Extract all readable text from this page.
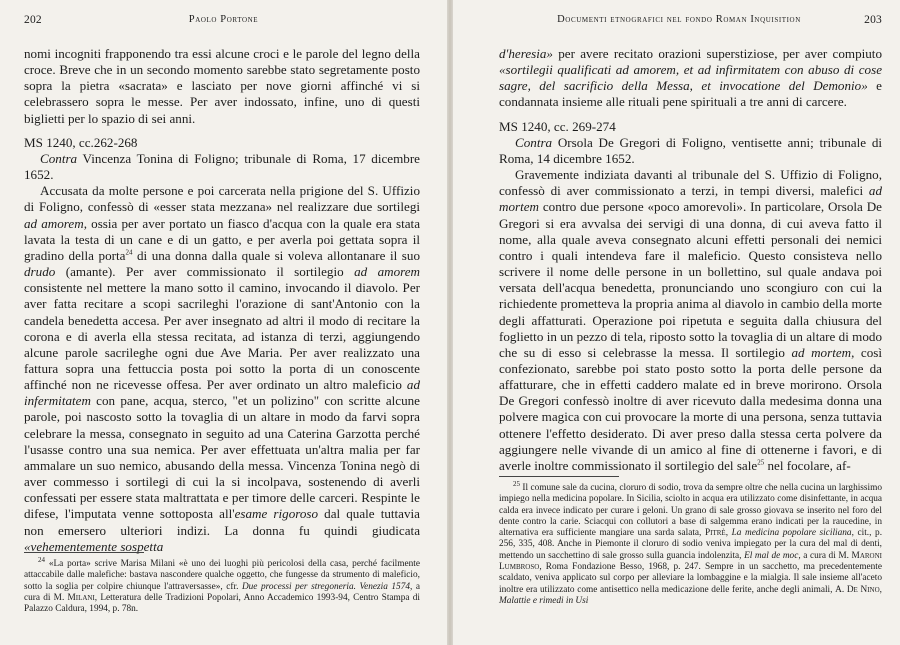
202	Paolo Portone

nomi incogniti frapponendo tra essi alcune croci e le parole del legno della croce. Breve che in un secondo momento sarebbe stato segretamente posto sopra la pietra «sacrata» e lasciato per nove giorni affinché vi si celebrassero sopra le messe. Per aver indossato, infine, uno di questi biglietti per lo spazio di sei anni.

MS 1240, cc.262-268

Contra Vincenza Tonina di Foligno; tribunale di Roma, 17 dicembre 1652.

Accusata da molte persone e poi carcerata nella prigione del S. Uffizio di Foligno, confessò di «esser stata mezzana» nel realizzare due sortilegi ad amorem, ossia per aver portato un fiasco d'acqua con la quale era stata lavata la testa di un cane e di un gatto, e per averla poi gettata sopra il gradino della porta$^{24}$ di una donna dalla quale si voleva allontanare il suo drudo (amante). Per aver commissionato il sortilegio ad amorem consistente nel mettere la mano sotto il camino, invocando il diavolo. Per aver fatta recitare a scopi sacrileghi l'orazione di sant'Antonio con la candela benedetta accesa. Per aver insegnato ad altri il modo di recitare la corona e di averla ella stessa recitata, ad istanza di terzi, aggiungendo alcune parole sacrileghe ogni due Ave Maria. Per aver realizzato una fattura sopra una fettuccia posta poi sotto la porta di un conoscente affinché non ne ricevesse offesa. Per aver ordinato un altro maleficio ad infermitatem con pane, acqua, sterco, "et un polizino" con scritte alcune parole, poi nascosto sotto la tovaglia di un altare in modo da farvi sopra celebrare la messa, consegnato in seguito ad una Caterina Garzotta perché l'usasse contro una sua nemica. Per aver effettuata un'altra malia per far ammalare un suo nemico, abusando della messa. Vincenza Tonina negò di aver commesso i sortilegi di cui la si incolpava, sostenendo di averli confessati per essere stata maltrattata e per timore delle carceri. Respinte le difese, l'imputata venne sottoposta all'esame rigoroso dal quale tuttavia non emersero ulteriori indizi. La donna fu quindi giudicata «vehementemente sospetta

$^{24}$ «La porta» scrive Marisa Milani «è uno dei luoghi più pericolosi della casa, perché facilmente attaccabile dalle malefiche: bastava nascondere qualche oggetto, che fungesse da strumento di maleficio, sotto la soglia per colpire chiunque l'attraversasse», cfr. Due processi per stregoneria. Venezia 1574, a cura di M. Milani, Letteratura delle Tradizioni Popolari, Anno Accademico 1993-94, Centro Stampa di Palazzo Caldura, 1994, p. 78n.

Documenti etnografici nel fondo Roman Inquisition	203

d'heresia» per avere recitato orazioni superstiziose, per aver compiuto «sortilegii qualificati ad amorem, et ad infirmitatem con abuso di cose sagre, del sacrificio della Messa, et invocatione del Demonio» e condannata insieme alle rituali pene spirituali a tre anni di carcere.

MS 1240, cc. 269-274

Contra Orsola De Gregori di Foligno, ventisette anni; tribunale di Roma, 14 dicembre 1652.

Gravemente indiziata davanti al tribunale del S. Uffizio di Foligno, confessò di aver commissionato a terzi, in tempi diversi, malefici ad mortem contro due persone «poco amorevoli». In particolare, Orsola De Gregori si era avvalsa dei servigi di una donna, di cui aveva fatto il nome, alla quale aveva consegnato alcuni effetti personali dei nemici contro i quali intendeva fare il maleficio. Questo consisteva nello scrivere il nome delle persone in un bollettino, sul quale andava poi versata dell'acqua benedetta, pronunciando uno scongiuro con cui la richiedente prometteva la propria anima al diavolo in cambio della morte degli affatturati. Operazione poi ripetuta e seguita dalla chiusura del foglietto in un pezzo di tela, riposto sotto la tovaglia di un altare di modo che su di esso si celebrasse la messa. Il sortilegio ad mortem, così confezionato, sarebbe poi stato posto sotto la porta delle persone da affatturare, che in effetti caddero malate ed in breve morirono. Orsola De Gregori confessò inoltre di aver ricevuto dalla medesima donna una polvere magica con cui provocare la morte di una persona, senza tuttavia ottenere l'effetto desiderato. Di aver preso dalla stessa certa polvere da aggiungere nelle vivande di un amico al fine di ottenerne i favori, e di averle inoltre commissionato il sortilegio del sale$^{25}$ nel focolare, af-

$^{25}$ Il comune sale da cucina, cloruro di sodio, trova da sempre oltre che nella cucina un larghissimo impiego nella medicina popolare. In Sicilia, sciolto in acqua era utilizzato come disinfettante, in acqua calda era invece indicato per curare i geloni. Un grano di sale grosso giovava se inserito nel foro del dente contro la carie. Sciacqui con collutori a base di salgemma erano indicati per la raucedine, in alternativa era sufficiente mangiare una sarda salata, Pitrè, La medicina popolare siciliana, cit., p. 256, 335, 408. Anche in Piemonte il cloruro di sodio veniva impiegato per la cura del mal di denti, mettendo un sacchettino di sale grosso sulla guancia indolenzita, El mal de moc, a cura di M. Maroni Lumbroso, Roma Fondazione Besso, 1968, p. 247. Sempre in un sacchetto, ma precedentemente scaldato, veniva applicato sul corpo per alleviare la lombaggine e la mialgia. Il sale insieme all'aceto inoltre era utilizzato come antisettico nella medicazione delle ferite, anche degli animali, A. De Nino, Malattie e rimedi in Usi
